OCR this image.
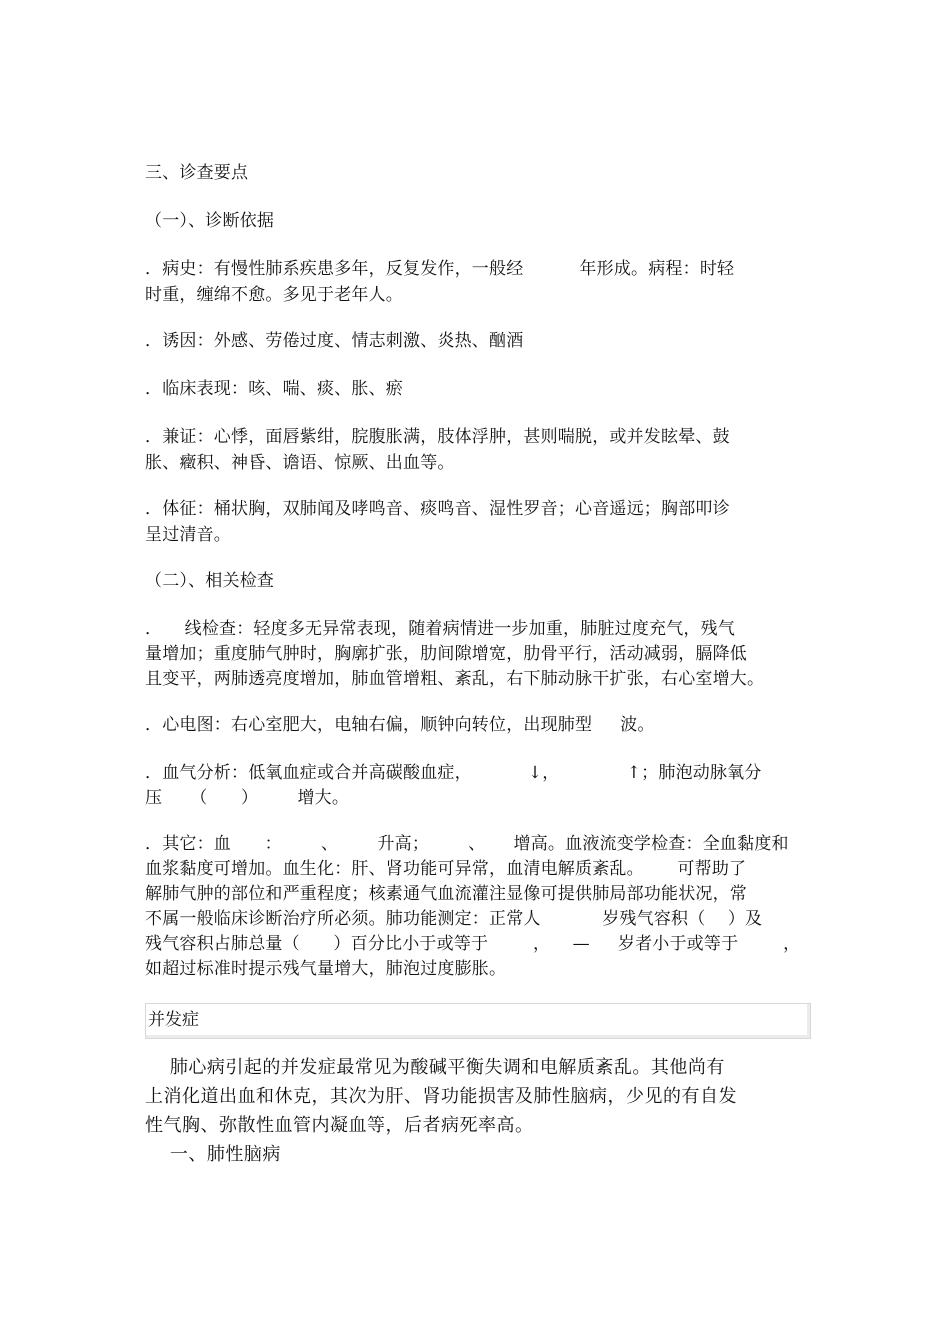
三、诊查要点
（一）、诊断依据
．病史：有慢性肺系疾患多年，反复发作，一般经          年形成。病程：时轻
时重，缠绵不愈。多见于老年人。
．诱因：外感、劳倦过度、情志刺激、炎热、酗酒
．临床表现：咳、喘、痰、胀、瘀
．兼证：心悸，面唇紫绀，脘腹胀满，肢体浮肿，甚则喘脱，或并发眩晕、鼓
胀、癥积、神昏、谵语、惊厥、出血等。
．体征：桶状胸，双肺闻及哮鸣音、痰鸣音、湿性罗音；心音遥远；胸部叩诊
呈过清音。
（二）、相关检查
．    线检查：轻度多无异常表现，随着病情进一步加重，肺脏过度充气，残气
量增加；重度肺气肿时，胸廓扩张，肋间隙增宽，肋骨平行，活动减弱，膈降低
且变平，两肺透亮度增加，肺血管增粗、紊乱，右下肺动脉干扩张，右心室增大。
．心电图：右心室肥大，电轴右偏，顺钟向转位，出现肺型     波。
．血气分析：低氧血症或合并高碳酸血症，          ↓，            ↑；肺泡动脉氧分
压     （      ）       增大。
．其它：血      ：       、       升高；       、     增高。血液流变学检查：全血黏度和
血浆黏度可增加。血生化：肝、肾功能可异常，血清电解质紊乱。      可帮助了
解肺气肿的部位和严重程度；核素通气血流灌注显像可提供肺局部功能状况，常
不属一般临床诊断治疗所必须。肺功能测定：正常人           岁残气容积（    ）及
残气容积占肺总量（      ）百分比小于或等于        ，    —     岁者小于或等于        ，
如超过标准时提示残气量增大，肺泡过度膨胀。
并发症
肺心病引起的并发症最常见为酸碱平衡失调和电解质紊乱。其他尚有
上消化道出血和休克，其次为肝、肾功能损害及肺性脑病，少见的有自发
性气胸、弥散性血管内凝血等，后者病死率高。
一、肺性脑病
